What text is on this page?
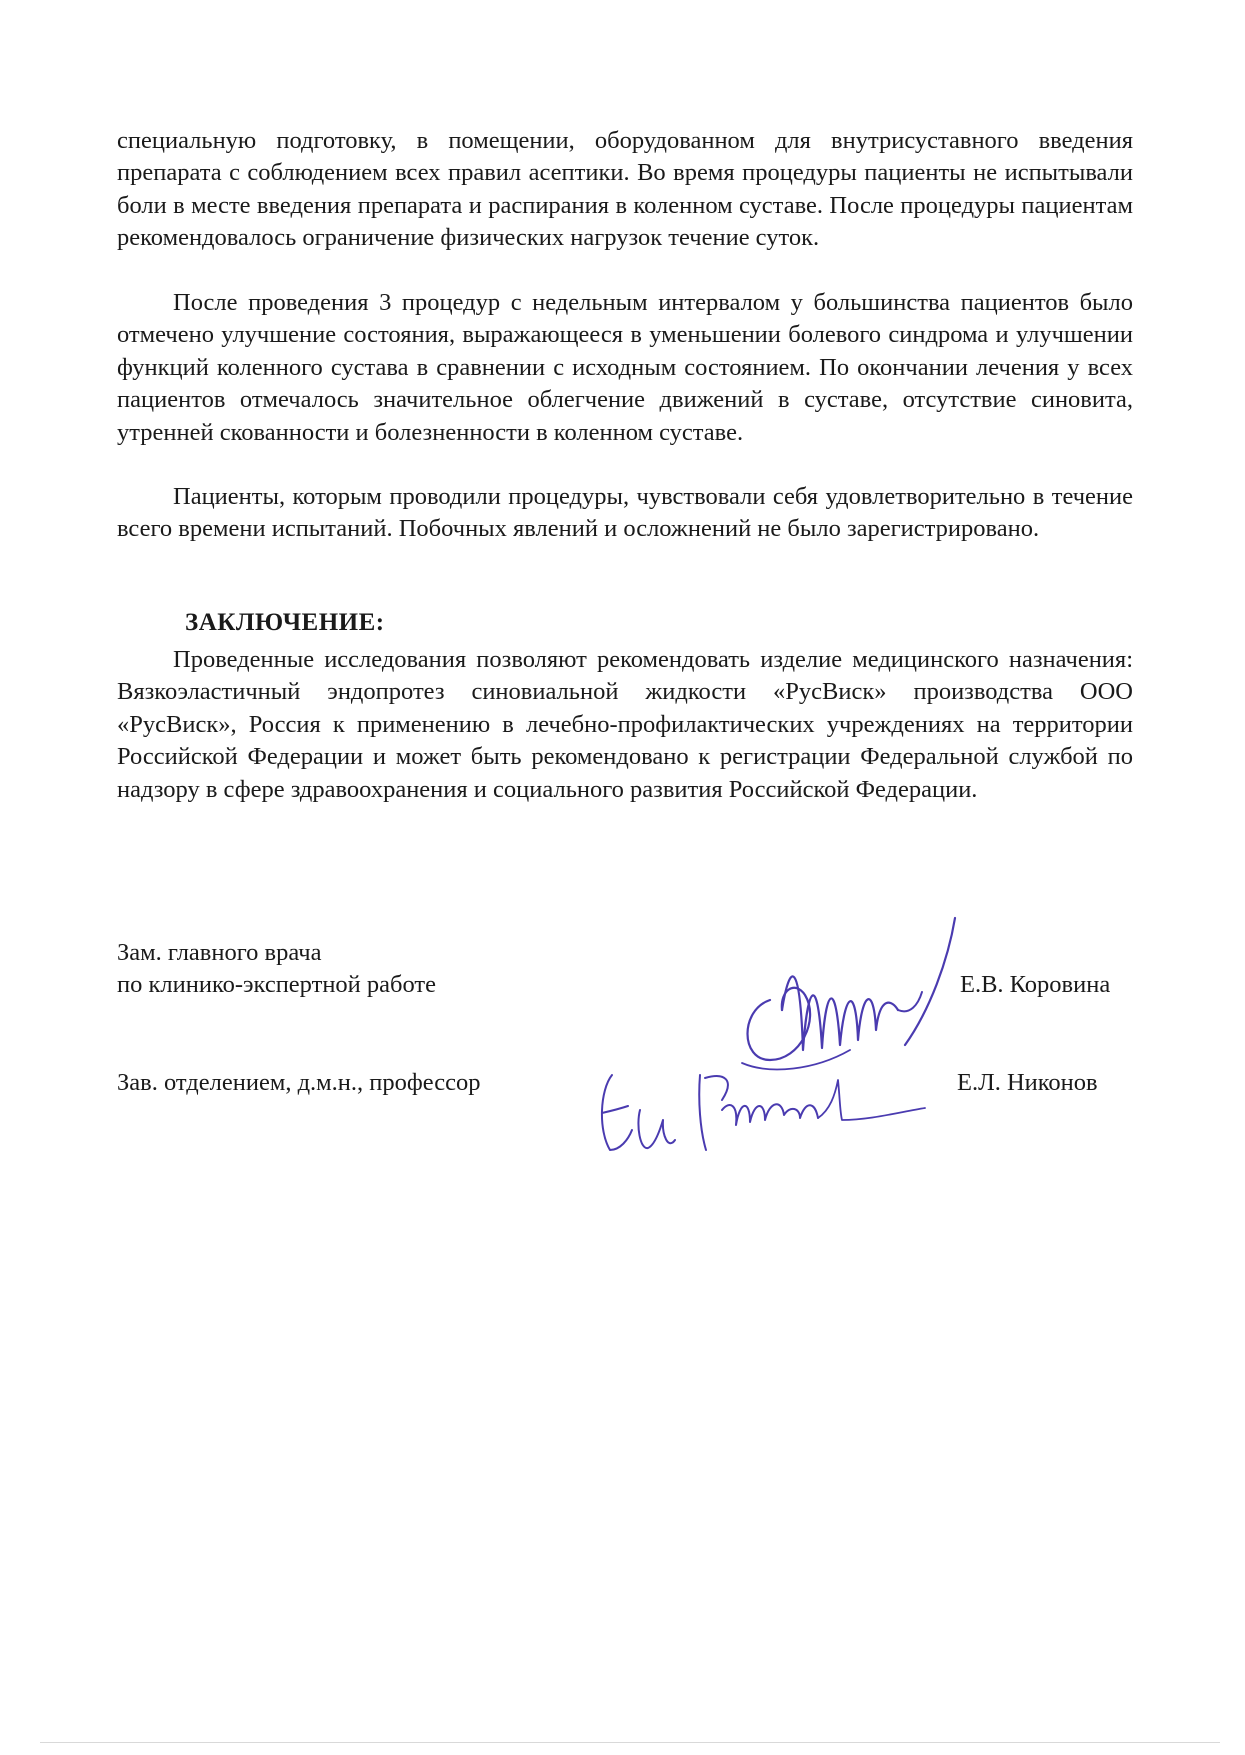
специальную подготовку, в помещении, оборудованном для внутрисуставного введения препарата с соблюдением всех правил асептики. Во время процедуры пациенты не испытывали боли в месте введения препарата и распирания в коленном суставе. После процедуры пациентам рекомендовалось ограничение физических нагрузок течение суток.

После проведения 3 процедур с недельным интервалом у большинства пациентов было отмечено улучшение состояния, выражающееся в уменьшении болевого синдрома и улучшении функций коленного сустава в сравнении с исходным состоянием. По окончании лечения у всех пациентов отмечалось значительное облегчение движений в суставе, отсутствие синовита, утренней скованности и болезненности в коленном суставе.

Пациенты, которым проводили процедуры, чувствовали себя удовлетворительно в течение всего времени испытаний. Побочных явлений и осложнений не было зарегистрировано.

ЗАКЛЮЧЕНИЕ:

Проведенные исследования позволяют рекомендовать изделие медицинского назначения: Вязкоэластичный эндопротез синовиальной жидкости «РусВиск» производства ООО «РусВиск», Россия к применению в лечебно-профилактических учреждениях на территории Российской Федерации и может быть рекомендовано к регистрации Федеральной службой по надзору в сфере здравоохранения и социального развития Российской Федерации.

Зам. главного врача
по клинико-экспертной работе	Е.В. Коровина
Зав. отделением, д.м.н., профессор	Е.Л. Никонов
